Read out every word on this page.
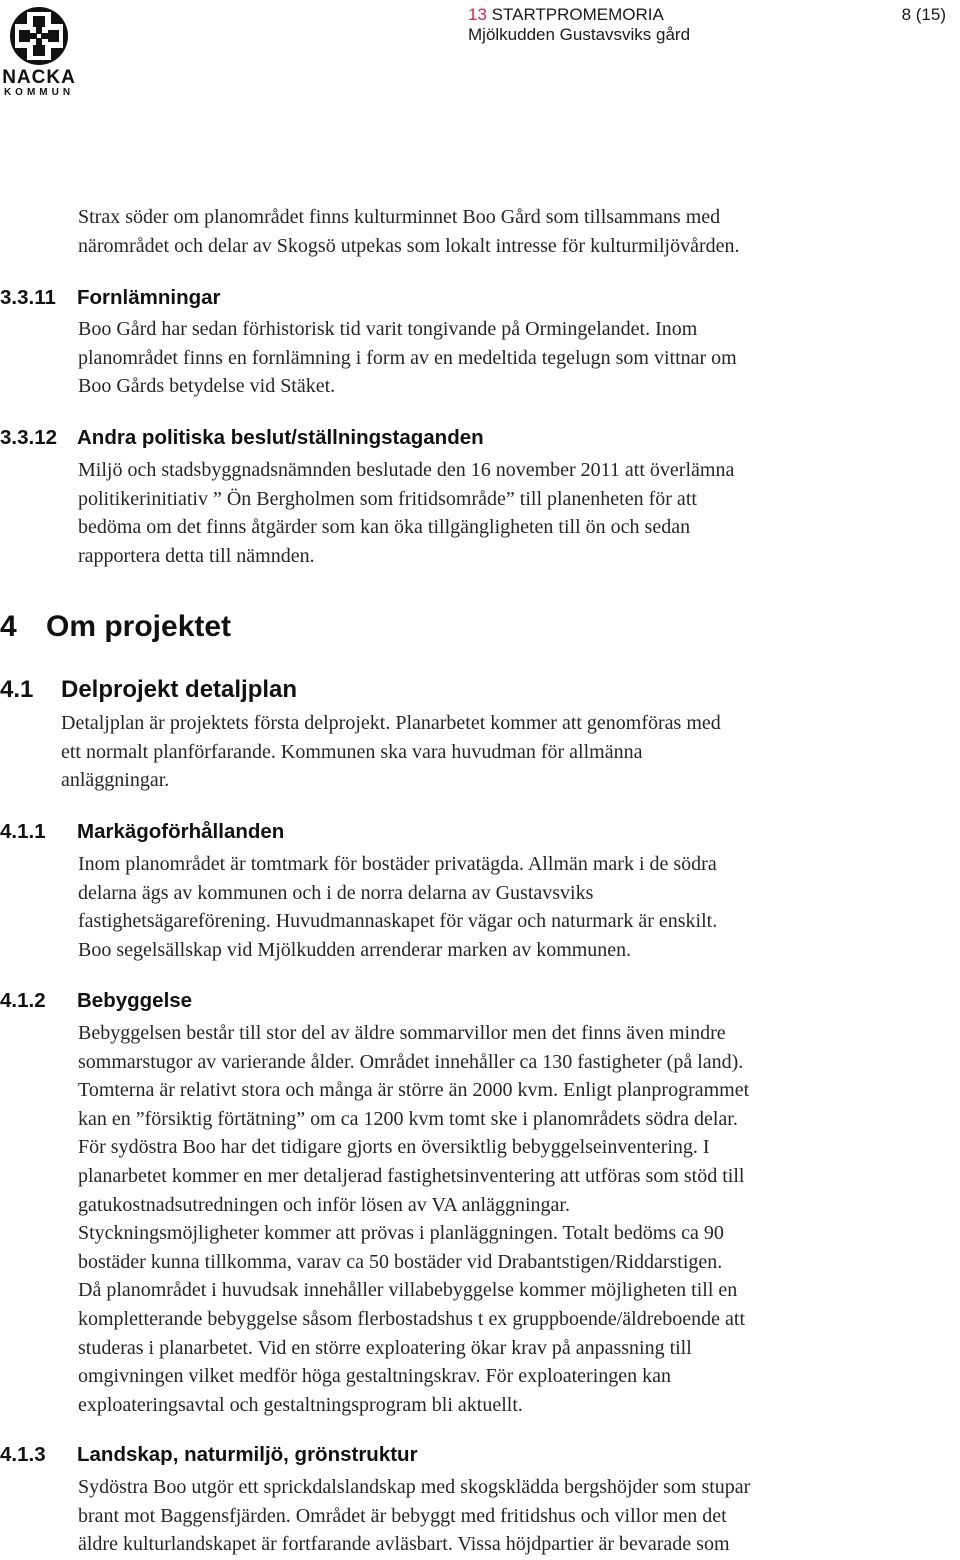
NACKA
KOMMUN
13 STARTPROMEMORIA
Mjölkudden Gustavsviks gård
8 (15)
Strax söder om planområdet finns kulturminnet Boo Gård som tillsammans med
närområdet och delar av Skogsö utpekas som lokalt intresse för kulturmiljövården.
3.3.11 Fornlämningar
Boo Gård har sedan förhistorisk tid varit tongivande på Ormingelandet. Inom
planområdet finns en fornlämning i form av en medeltida tegelugn som vittnar om
Boo Gårds betydelse vid Stäket.
3.3.12 Andra politiska beslut/ställningstaganden
Miljö och stadsbyggnadsnämnden beslutade den 16 november 2011 att överlämna
politikerinitiativ ” Ön Bergholmen som fritidsområde” till planenheten för att
bedöma om det finns åtgärder som kan öka tillgängligheten till ön och sedan
rapportera detta till nämnden.
4 Om projektet
4.1 Delprojekt detaljplan
Detaljplan är projektets första delprojekt. Planarbetet kommer att genomföras med
ett normalt planförfarande. Kommunen ska vara huvudman för allmänna
anläggningar.
4.1.1 Markägoförhållanden
Inom planområdet är tomtmark för bostäder privatägda. Allmän mark i de södra
delarna ägs av kommunen och i de norra delarna av Gustavsviks
fastighetsägareförening. Huvudmannaskapet för vägar och naturmark är enskilt.
Boo segelsällskap vid Mjölkudden arrenderar marken av kommunen.
4.1.2 Bebyggelse
Bebyggelsen består till stor del av äldre sommarvillor men det finns även mindre
sommarstugor av varierande ålder. Området innehåller ca 130 fastigheter (på land).
Tomterna är relativt stora och många är större än 2000 kvm. Enligt planprogrammet
kan en ”försiktig förtätning” om ca 1200 kvm tomt ske i planområdets södra delar.
För sydöstra Boo har det tidigare gjorts en översiktlig bebyggelseinventering. I
planarbetet kommer en mer detaljerad fastighetsinventering att utföras som stöd till
gatukostnadsutredningen och inför lösen av VA anläggningar.
Styckningsmöjligheter kommer att prövas i planläggningen. Totalt bedöms ca 90
bostäder kunna tillkomma, varav ca 50 bostäder vid Drabantstigen/Riddarstigen.
Då planområdet i huvudsak innehåller villabebyggelse kommer möjligheten till en
kompletterande bebyggelse såsom flerbostadshus t ex gruppboende/äldreboende att
studeras i planarbetet. Vid en större exploatering ökar krav på anpassning till
omgivningen vilket medför höga gestaltningskrav. För exploateringen kan
exploateringsavtal och gestaltningsprogram bli aktuellt.
4.1.3 Landskap, naturmiljö, grönstruktur
Sydöstra Boo utgör ett sprickdalslandskap med skogsklädda bergshöjder som stupar
brant mot Baggensfjärden. Området är bebyggt med fritidshus och villor men det
äldre kulturlandskapet är fortfarande avläsbart. Vissa höjdpartier är bevarade som
